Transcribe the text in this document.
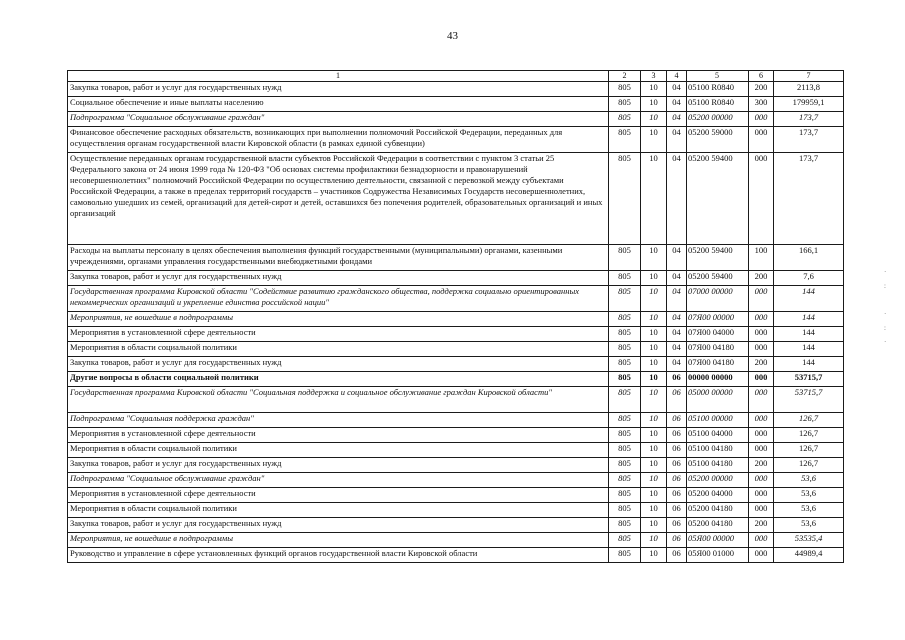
43
1	2	3	4	5	6	7
Закупка товаров, работ и услуг для государственных нужд	805	10	04	05100 R0840	200	2113,8
Социальное обеспечение и иные выплаты населению	805	10	04	05100 R0840	300	179959,1
Подпрограмма "Социальное обслуживание граждан"	805	10	04	05200 00000	000	173,7
Финансовое обеспечение расходных обязательств, возникающих при выполнении полномочий Российской Федерации, переданных для осуществления органам государственной власти Кировской области (в рамках единой субвенции)	805	10	04	05200 59000	000	173,7
Осуществление переданных органам государственной власти субъектов Российской Федерации в соответствии с пунктом 3 статьи 25 Федерального закона от 24 июня 1999 года № 120-ФЗ "Об основах системы профилактики безнадзорности и правонарушений несовершеннолетних" полномочий Российской Федерации по осуществлению деятельности, связанной с перевозкой между субъектами Российской Федерации, а также в пределах территорий государств – участников Содружества Независимых Государств несовершеннолетних, самовольно ушедших из семей, организаций для детей-сирот и детей, оставшихся без попечения родителей, образовательных организаций и иных организаций	805	10	04	05200 59400	000	173,7
Расходы на выплаты персоналу в целях обеспечения выполнения функций государственными (муниципальными) органами, казенными учреждениями, органами управления государственными внебюджетными фондами	805	10	04	05200 59400	100	166,1
Закупка товаров, работ и услуг для государственных нужд	805	10	04	05200 59400	200	7,6
Государственная программа Кировской области "Содействие развитию гражданского общества, поддержка социально ориентированных некоммерческих организаций и укрепление единства российской нации"	805	10	04	07000 00000	000	144
Мероприятия, не вошедшие в подпрограммы	805	10	04	07Я00 00000	000	144
Мероприятия в установленной сфере деятельности	805	10	04	07Я00 04000	000	144
Мероприятия в области социальной политики	805	10	04	07Я00 04180	000	144
Закупка товаров, работ и услуг для государственных нужд	805	10	04	07Я00 04180	200	144
Другие вопросы в области социальной политики	805	10	06	00000 00000	000	53715,7
Государственная программа Кировской области "Социальная поддержка и социальное обслуживание граждан Кировской области"	805	10	06	05000 00000	000	53715,7
Подпрограмма "Социальная поддержка граждан"	805	10	06	05100 00000	000	126,7
Мероприятия в установленной сфере деятельности	805	10	06	05100 04000	000	126,7
Мероприятия в области социальной политики	805	10	06	05100 04180	000	126,7
Закупка товаров, работ и услуг для государственных нужд	805	10	06	05100 04180	200	126,7
Подпрограмма "Социальное обслуживание граждан"	805	10	06	05200 00000	000	53,6
Мероприятия в установленной сфере деятельности	805	10	06	05200 04000	000	53,6
Мероприятия в области социальной политики	805	10	06	05200 04180	000	53,6
Закупка товаров, работ и услуг для государственных нужд	805	10	06	05200 04180	200	53,6
Мероприятия, не вошедшие в подпрограммы	805	10	06	05Я00 00000	000	53535,4
Руководство и управление в сфере установленных функций органов государственной власти Кировской области	805	10	06	05Я00 01000	000	44989,4
·
:

·
:
·
